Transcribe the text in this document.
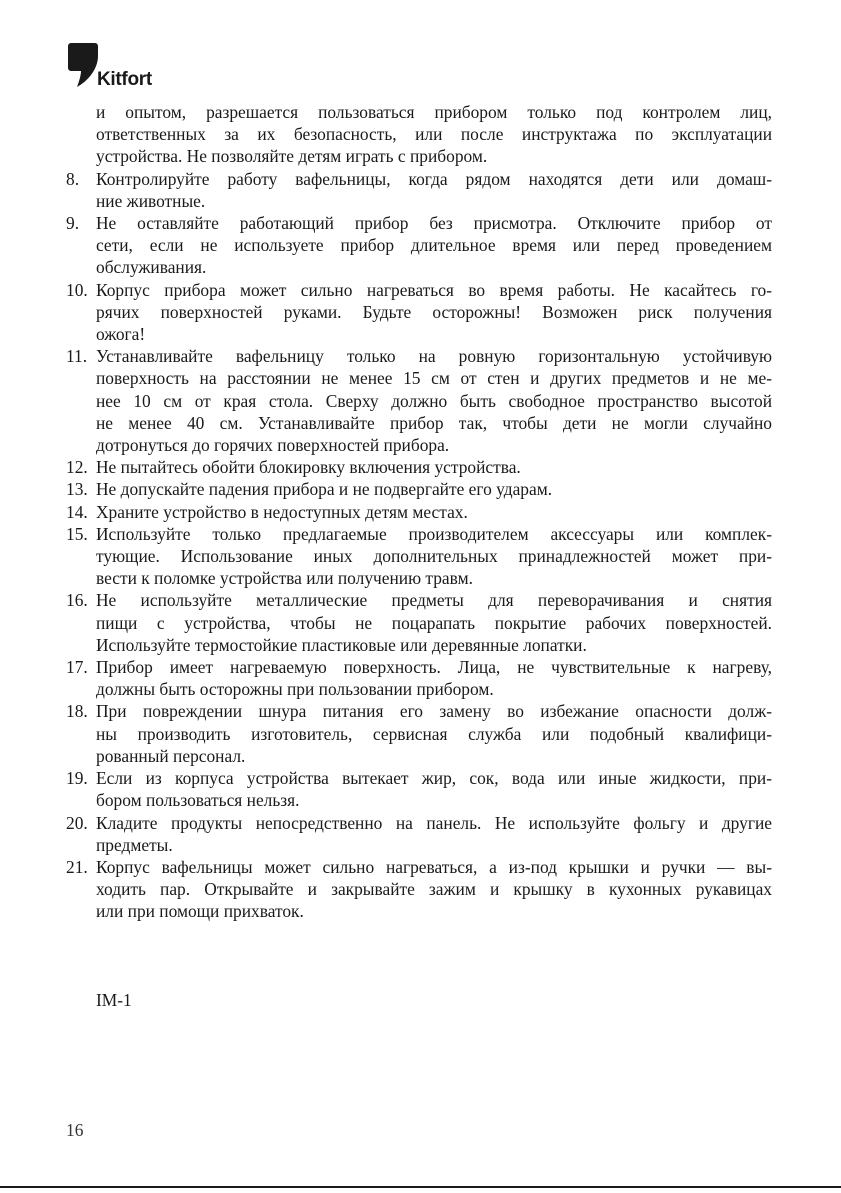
Kitfort
и опытом, разрешается пользоваться прибором только под контролем лиц,
ответственных за их безопасность, или после инструктажа по эксплуатации
устройства. Не позволяйте детям играть с прибором.
8. Контролируйте работу вафельницы, когда рядом находятся дети или домаш-
ние животные.
9. Не оставляйте работающий прибор без присмотра. Отключите прибор от
сети, если не используете прибор длительное время или перед проведением
обслуживания.
10. Корпус прибора может сильно нагреваться во время работы. Не касайтесь го-
рячих поверхностей руками. Будьте осторожны! Возможен риск получения
ожога!
11. Устанавливайте вафельницу только на ровную горизонтальную устойчивую
поверхность на расстоянии не менее 15 см от стен и других предметов и не ме-
нее 10 см от края стола. Сверху должно быть свободное пространство высотой
не менее 40 см. Устанавливайте прибор так, чтобы дети не могли случайно
дотронуться до горячих поверхностей прибора.
12. Не пытайтесь обойти блокировку включения устройства.
13. Не допускайте падения прибора и не подвергайте его ударам.
14. Храните устройство в недоступных детям местах.
15. Используйте только предлагаемые производителем аксессуары или комплек-
тующие. Использование иных дополнительных принадлежностей может при-
вести к поломке устройства или получению травм.
16. Не используйте металлические предметы для переворачивания и снятия
пищи с устройства, чтобы не поцарапать покрытие рабочих поверхностей.
Используйте термостойкие пластиковые или деревянные лопатки.
17. Прибор имеет нагреваемую поверхность. Лица, не чувствительные к нагреву,
должны быть осторожны при пользовании прибором.
18. При повреждении шнура питания его замену во избежание опасности долж-
ны производить изготовитель, сервисная служба или подобный квалифици-
рованный персонал.
19. Если из корпуса устройства вытекает жир, сок, вода или иные жидкости, при-
бором пользоваться нельзя.
20. Кладите продукты непосредственно на панель. Не используйте фольгу и другие
предметы.
21. Корпус вафельницы может сильно нагреваться, а из-под крышки и ручки — вы-
ходить пар. Открывайте и закрывайте зажим и крышку в кухонных рукавицах
или при помощи прихваток.
IM-1
16
